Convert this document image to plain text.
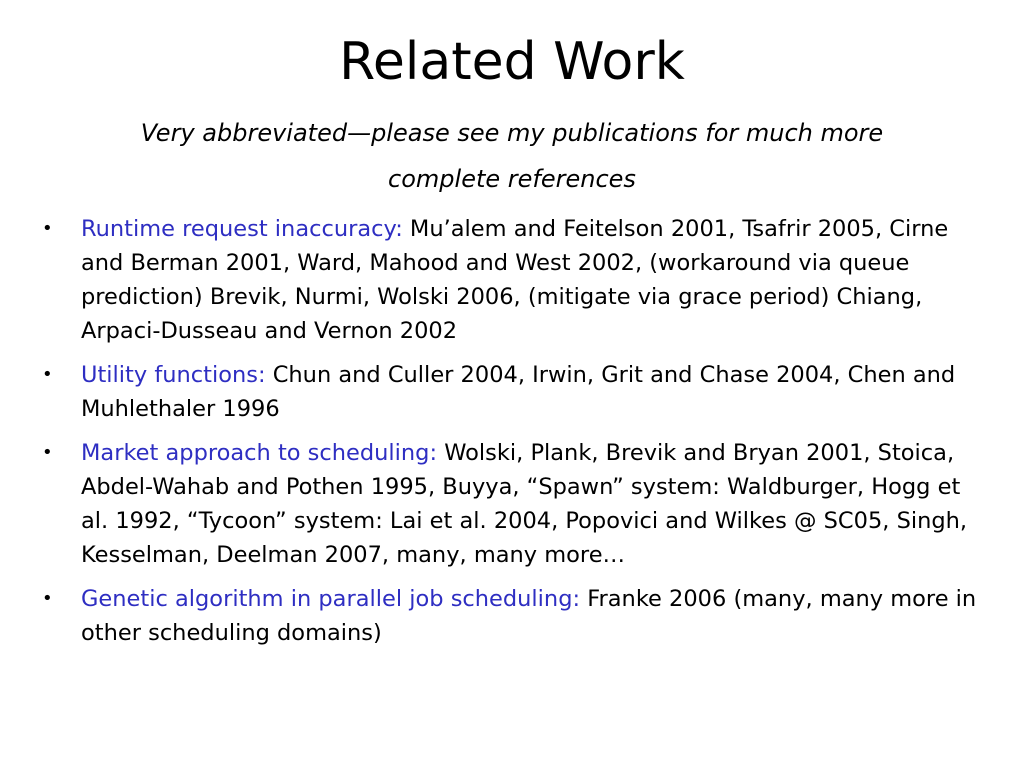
Related Work

Very abbreviated—please see my publications for much more complete references

• Runtime request inaccuracy: Mu’alem and Feitelson 2001, Tsafrir 2005, Cirne and Berman 2001, Ward, Mahood and West 2002, (workaround via queue prediction) Brevik, Nurmi, Wolski 2006, (mitigate via grace period) Chiang, Arpaci-Dusseau and Vernon 2002
• Utility functions: Chun and Culler 2004, Irwin, Grit and Chase 2004, Chen and Muhlethaler 1996
• Market approach to scheduling: Wolski, Plank, Brevik and Bryan 2001, Stoica, Abdel-Wahab and Pothen 1995, Buyya, “Spawn” system: Waldburger, Hogg et al. 1992, “Tycoon” system: Lai et al. 2004, Popovici and Wilkes @ SC05, Singh, Kesselman, Deelman 2007, many, many more…
• Genetic algorithm in parallel job scheduling: Franke 2006 (many, many more in other scheduling domains)
